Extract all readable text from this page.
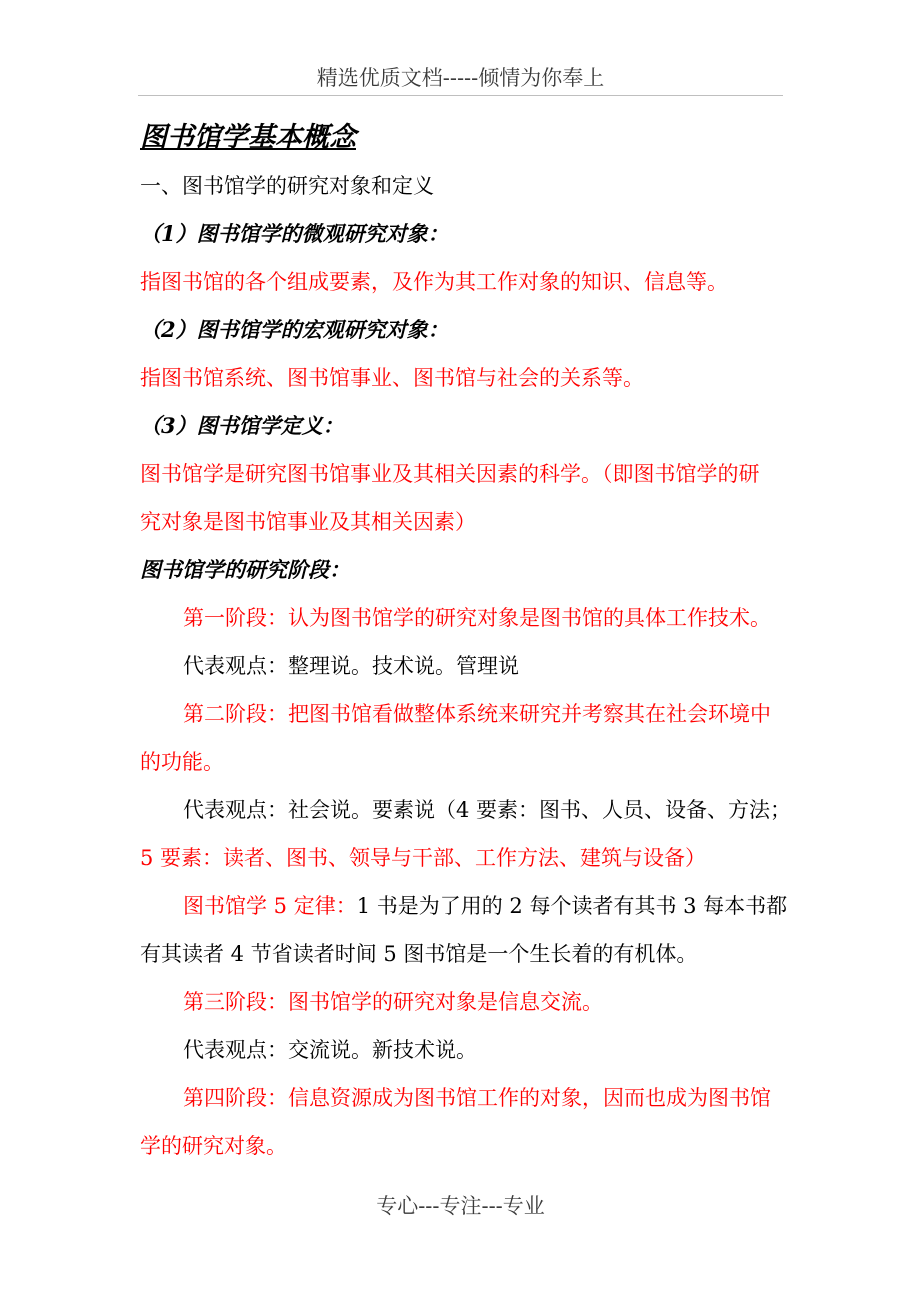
精选优质文档-----倾情为你奉上
图书馆学基本概念
一、图书馆学的研究对象和定义
（1）图书馆学的微观研究对象：
指图书馆的各个组成要素，及作为其工作对象的知识、信息等。
（2）图书馆学的宏观研究对象：
指图书馆系统、图书馆事业、图书馆与社会的关系等。
（3）图书馆学定义：
图书馆学是研究图书馆事业及其相关因素的科学。（即图书馆学的研
究对象是图书馆事业及其相关因素）
图书馆学的研究阶段：
第一阶段：认为图书馆学的研究对象是图书馆的具体工作技术。
代表观点：整理说。技术说。管理说
第二阶段：把图书馆看做整体系统来研究并考察其在社会环境中
的功能。
代表观点：社会说。要素说（4 要素：图书、人员、设备、方法；
5 要素：读者、图书、领导与干部、工作方法、建筑与设备）
图书馆学 5 定律：1 书是为了用的 2 每个读者有其书 3 每本书都
有其读者 4 节省读者时间 5 图书馆是一个生长着的有机体。
第三阶段：图书馆学的研究对象是信息交流。
代表观点：交流说。新技术说。
第四阶段：信息资源成为图书馆工作的对象，因而也成为图书馆
学的研究对象。
专心---专注---专业
